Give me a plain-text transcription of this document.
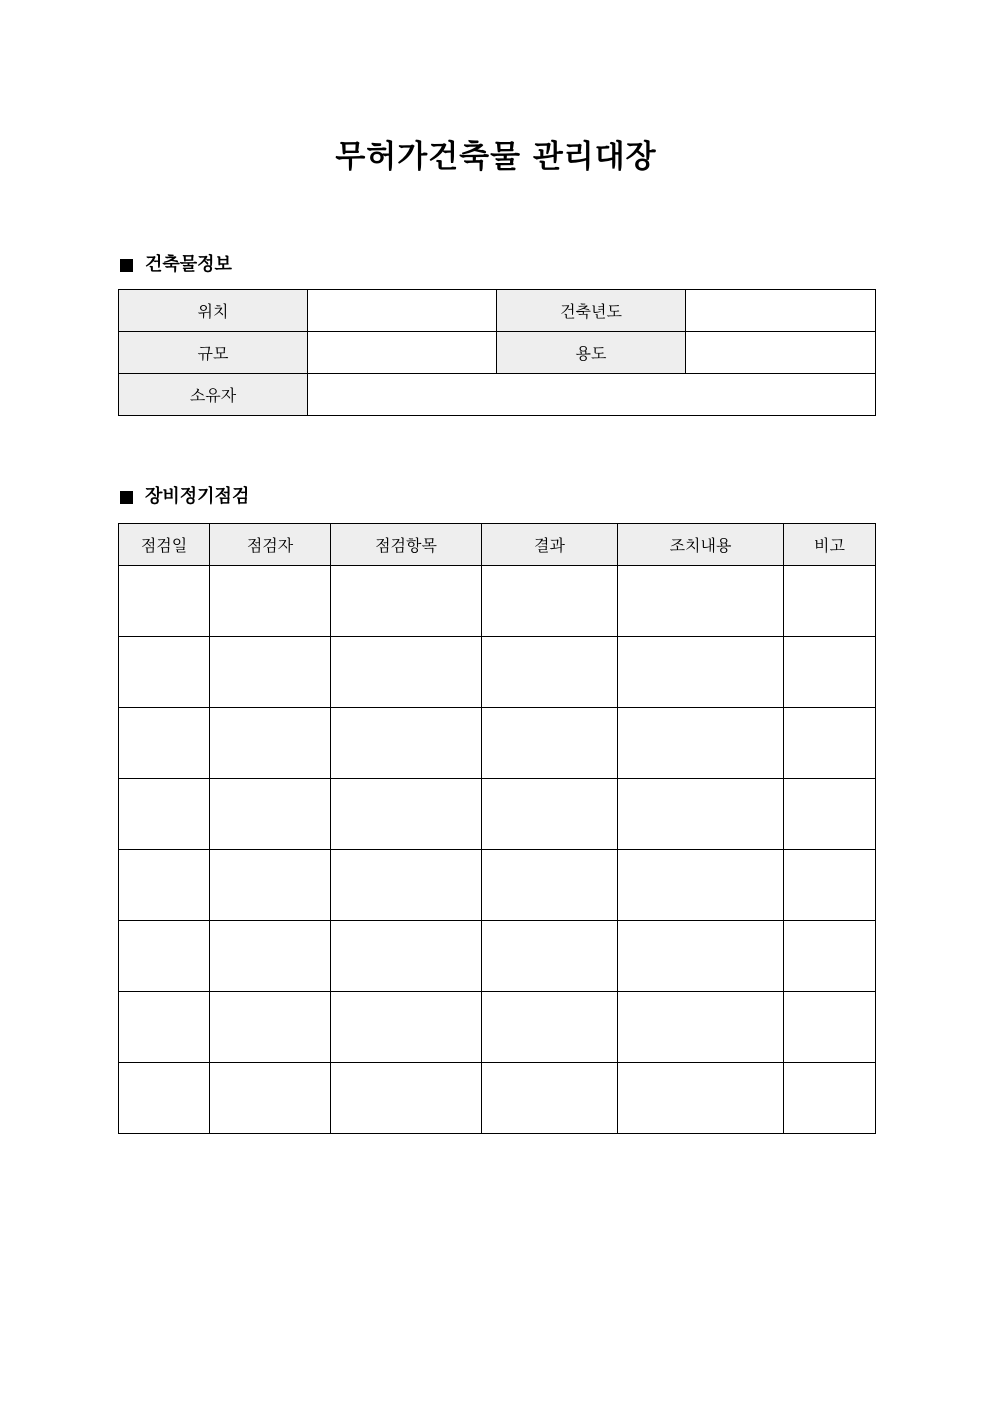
무허가건축물 관리대장
건축물정보
위치		건축년도	
규모		용도	
소유자			
장비정기점검
점검일	점검자	점검항목	결과	조치내용	비고
